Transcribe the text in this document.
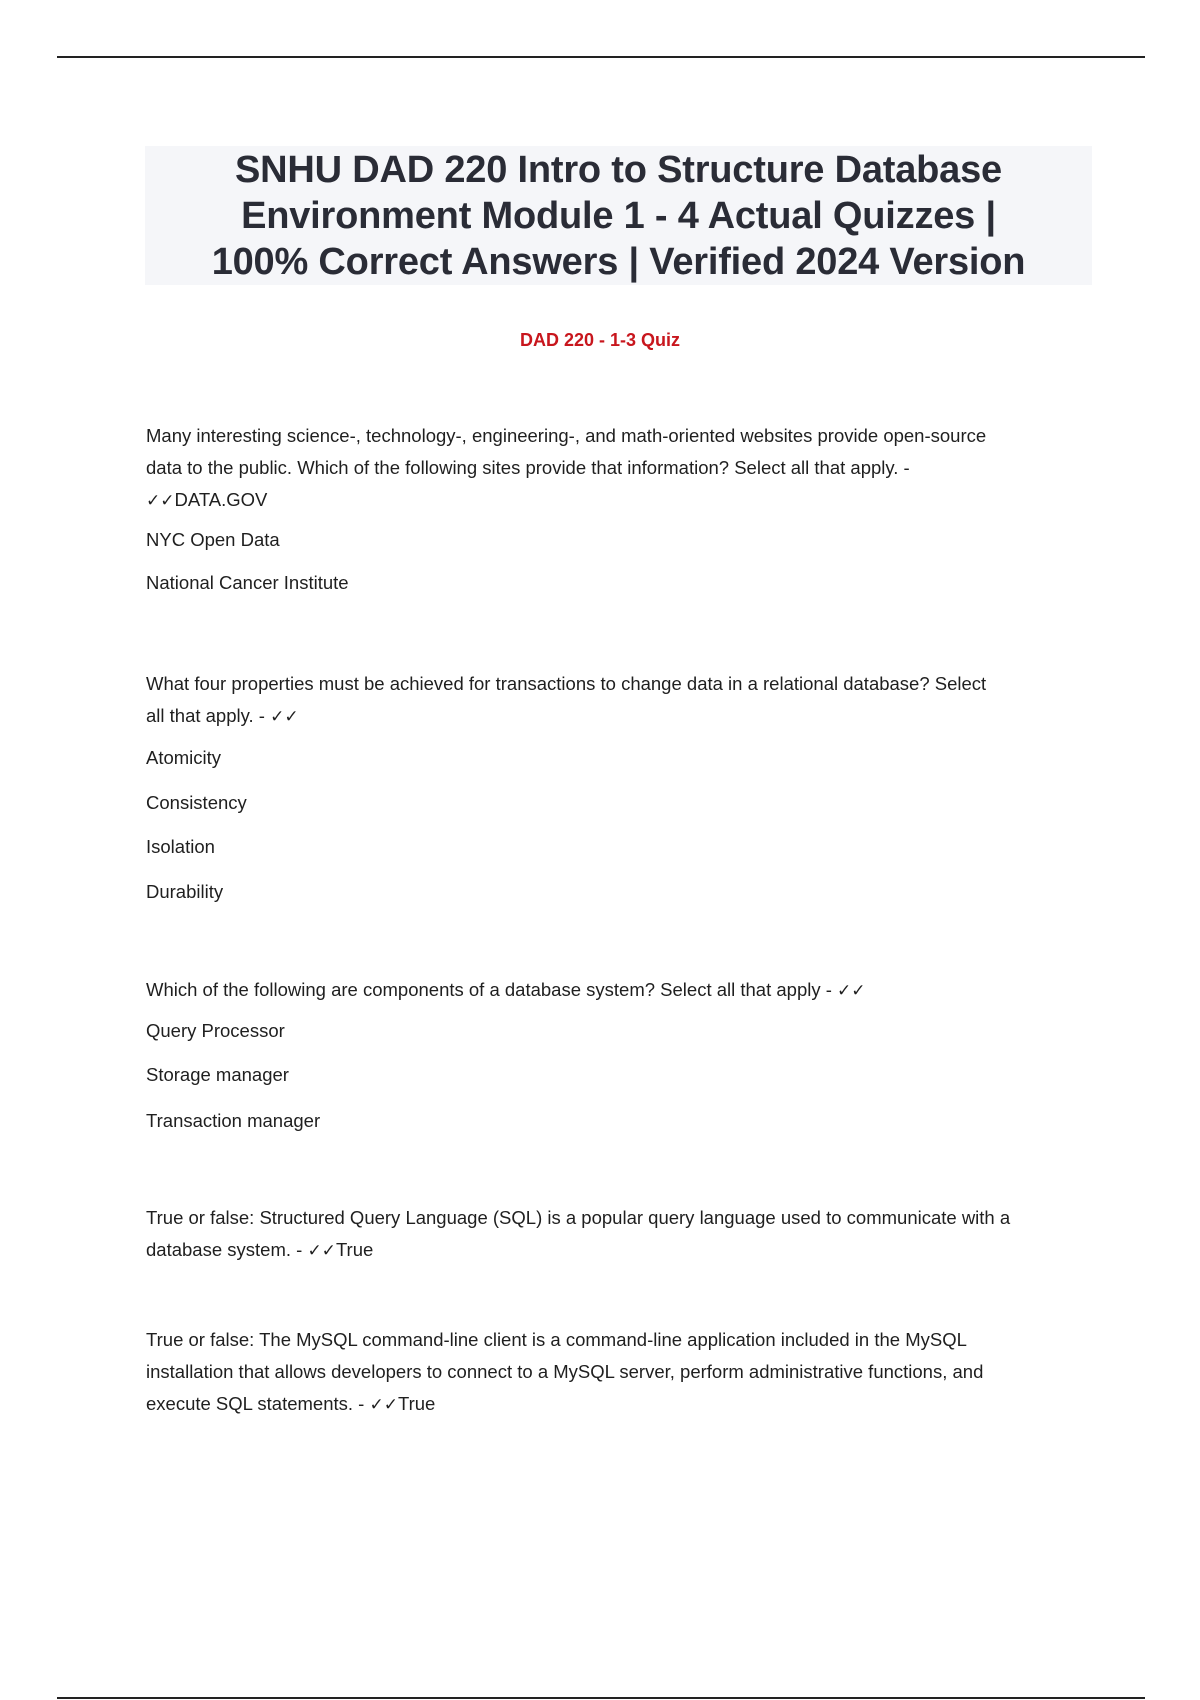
SNHU DAD 220 Intro to Structure Database
Environment Module 1 - 4 Actual Quizzes |
100% Correct Answers | Verified 2024 Version
DAD 220 - 1-3 Quiz

Many interesting science-, technology-, engineering-, and math-oriented websites provide open-source
data to the public. Which of the following sites provide that information? Select all that apply. -
✓✓DATA.GOV

NYC Open Data

National Cancer Institute

What four properties must be achieved for transactions to change data in a relational database? Select
all that apply. - ✓✓

Atomicity

Consistency

Isolation

Durability

Which of the following are components of a database system? Select all that apply - ✓✓

Query Processor

Storage manager

Transaction manager

True or false: Structured Query Language (SQL) is a popular query language used to communicate with a
database system. - ✓✓True

True or false: The MySQL command-line client is a command-line application included in the MySQL
installation that allows developers to connect to a MySQL server, perform administrative functions, and
execute SQL statements. - ✓✓True
